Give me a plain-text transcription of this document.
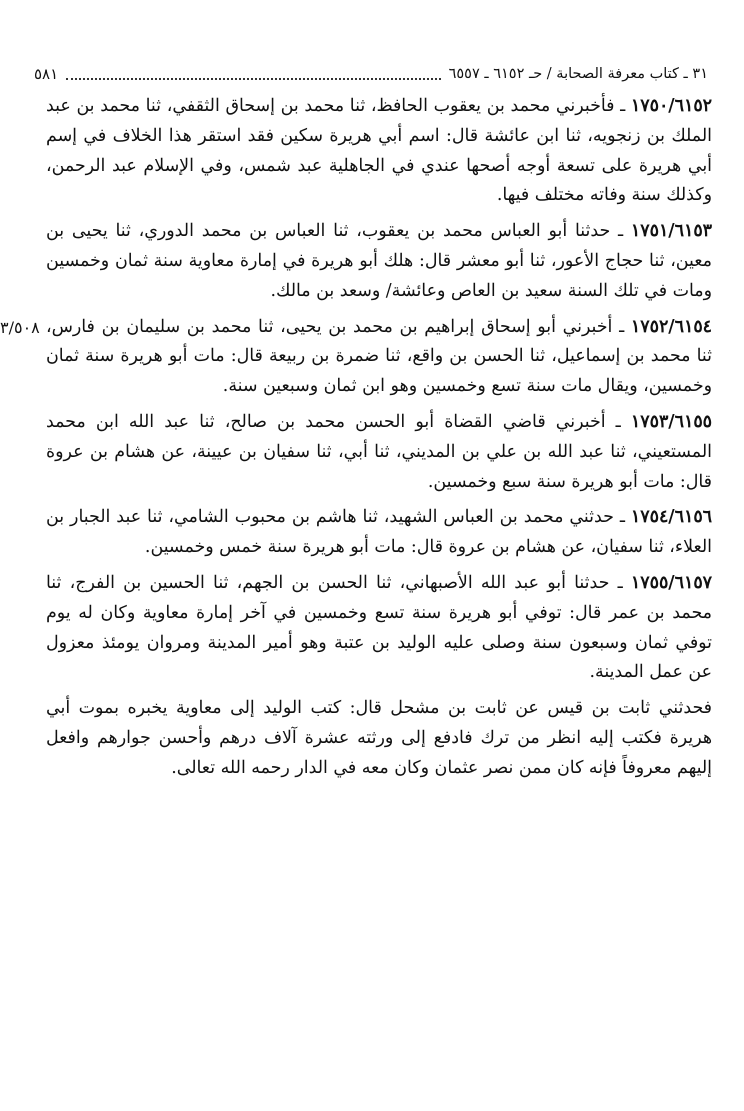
٣١ ـ كتاب معرفة الصحابة / حـ ٦١٥٢ ـ ٦٥٥٧
٥٨١
٣/٥٠٨

١٧٥٠/٦١٥٢ ـ فأخبرني محمد بن يعقوب الحافظ، ثنا محمد بن إسحاق الثقفي، ثنا محمد بن عبد الملك بن زنجويه، ثنا ابن عائشة قال: اسم أبي هريرة سكين فقد استقر هذا الخلاف في إسم أبي هريرة على تسعة أوجه أصحها عندي في الجاهلية عبد شمس، وفي الإسلام عبد الرحمن، وكذلك سنة وفاته مختلف فيها.

١٧٥١/٦١٥٣ ـ حدثنا أبو العباس محمد بن يعقوب، ثنا العباس بن محمد الدوري، ثنا يحيى بن معين، ثنا حجاج الأعور، ثنا أبو معشر قال: هلك أبو هريرة في إمارة معاوية سنة ثمان وخمسين ومات في تلك السنة سعيد بن العاص وعائشة/ وسعد بن مالك.

١٧٥٢/٦١٥٤ ـ أخبرني أبو إسحاق إبراهيم بن محمد بن يحيى، ثنا محمد بن سليمان بن فارس، ثنا محمد بن إسماعيل، ثنا الحسن بن واقع، ثنا ضمرة بن ربيعة قال: مات أبو هريرة سنة ثمان وخمسين، ويقال مات سنة تسع وخمسين وهو ابن ثمان وسبعين سنة.

١٧٥٣/٦١٥٥ ـ أخبرني قاضي القضاة أبو الحسن محمد بن صالح، ثنا عبد الله ابن محمد المستعيني، ثنا عبد الله بن علي بن المديني، ثنا أبي، ثنا سفيان بن عيينة، عن هشام بن عروة قال: مات أبو هريرة سنة سبع وخمسين.

١٧٥٤/٦١٥٦ ـ حدثني محمد بن العباس الشهيد، ثنا هاشم بن محبوب الشامي، ثنا عبد الجبار بن العلاء، ثنا سفيان، عن هشام بن عروة قال: مات أبو هريرة سنة خمس وخمسين.

١٧٥٥/٦١٥٧ ـ حدثنا أبو عبد الله الأصبهاني، ثنا الحسن بن الجهم، ثنا الحسين بن الفرج، ثنا محمد بن عمر قال: توفي أبو هريرة سنة تسع وخمسين في آخر إمارة معاوية وكان له يوم توفي ثمان وسبعون سنة وصلى عليه الوليد بن عتبة وهو أمير المدينة ومروان يومئذ معزول عن عمل المدينة.

فحدثني ثابت بن قيس عن ثابت بن مشحل قال: كتب الوليد إلى معاوية يخبره بموت أبي هريرة فكتب إليه انظر من ترك فادفع إلى ورثته عشرة آلاف درهم وأحسن جوارهم وافعل إليهم معروفاً فإنه كان ممن نصر عثمان وكان معه في الدار رحمه الله تعالى.
